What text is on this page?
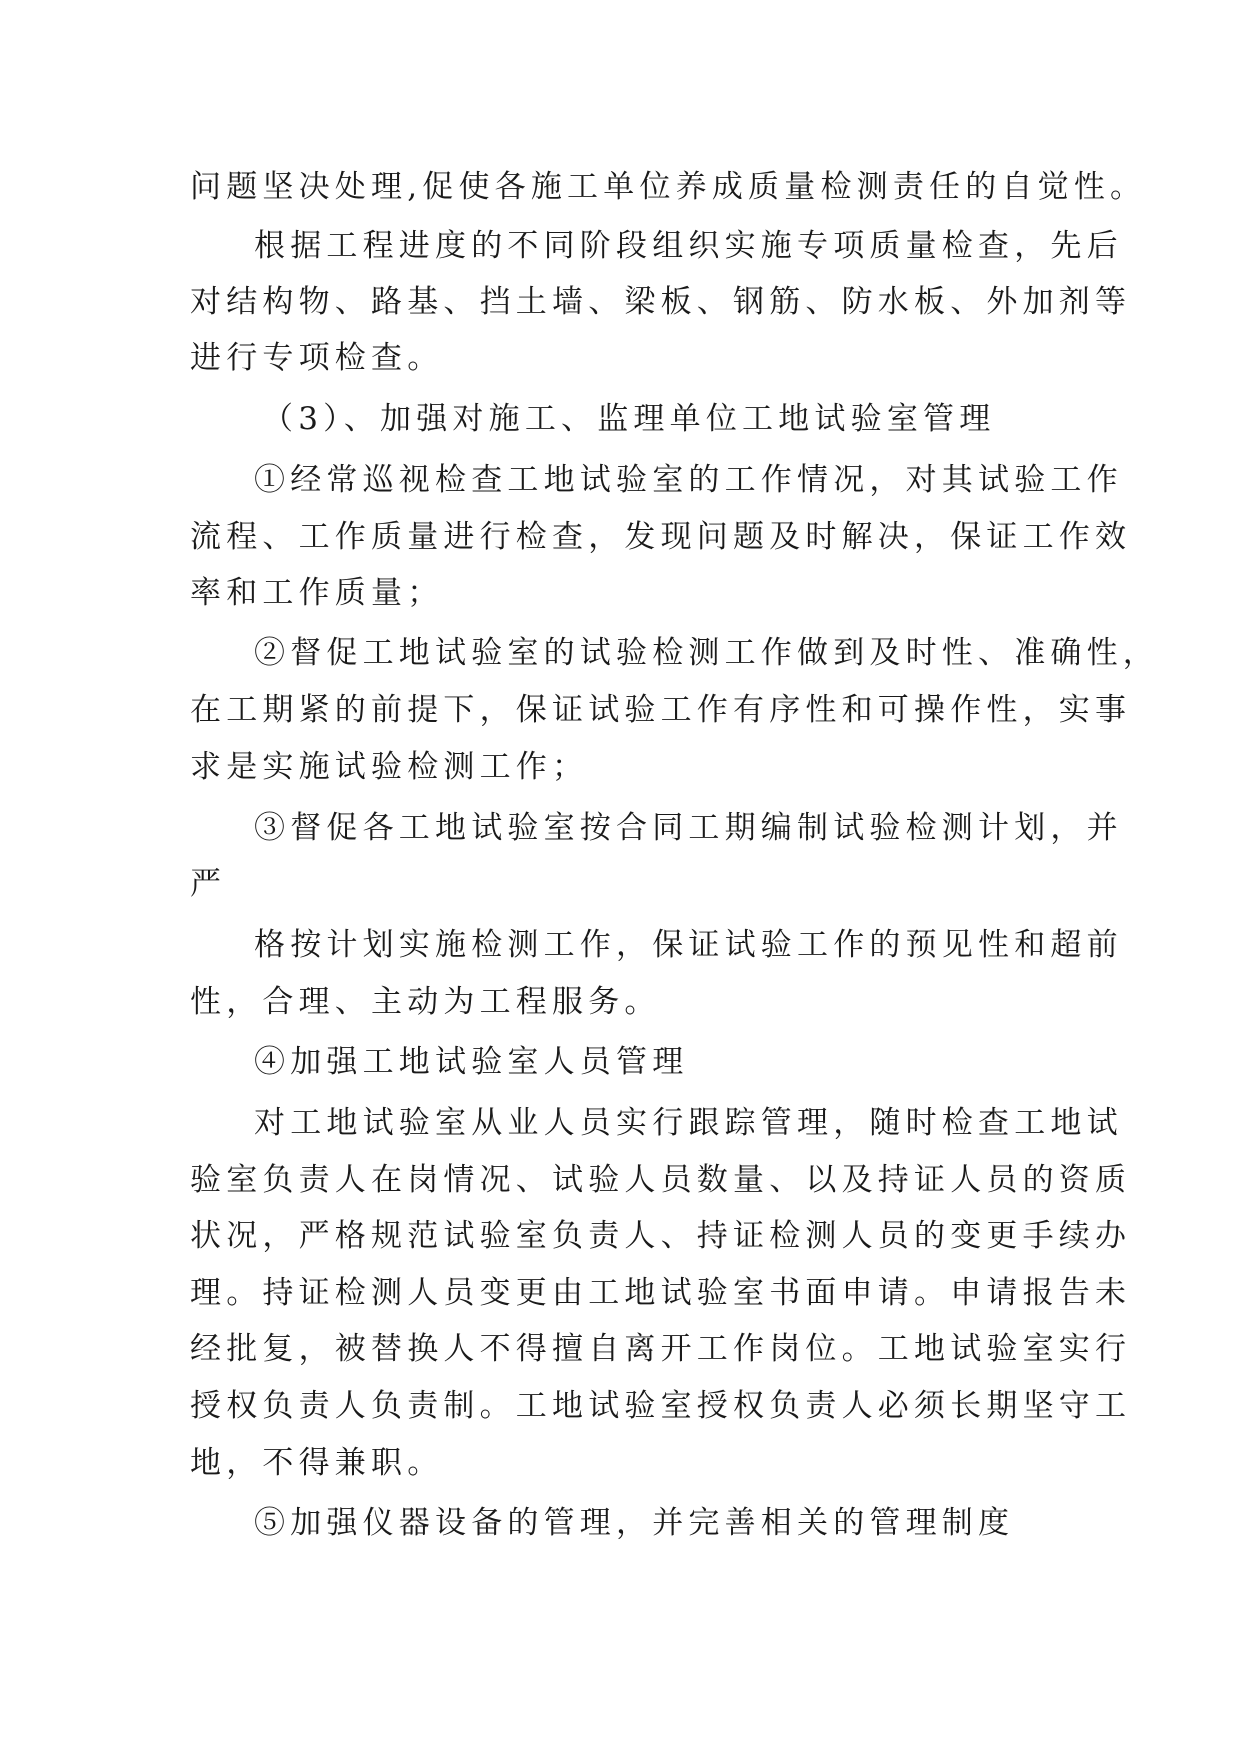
问题坚决处理,促使各施工单位养成质量检测责任的自觉性。
根据工程进度的不同阶段组织实施专项质量检查，先后
对结构物、路基、挡土墙、梁板、钢筋、防水板、外加剂等
进行专项检查。
（3）、加强对施工、监理单位工地试验室管理
①经常巡视检查工地试验室的工作情况，对其试验工作
流程、工作质量进行检查，发现问题及时解决，保证工作效
率和工作质量；
②督促工地试验室的试验检测工作做到及时性、准确性，
在工期紧的前提下，保证试验工作有序性和可操作性，实事
求是实施试验检测工作；
③督促各工地试验室按合同工期编制试验检测计划，并
严
格按计划实施检测工作，保证试验工作的预见性和超前
性，合理、主动为工程服务。
④加强工地试验室人员管理
对工地试验室从业人员实行跟踪管理，随时检查工地试
验室负责人在岗情况、试验人员数量、以及持证人员的资质
状况，严格规范试验室负责人、持证检测人员的变更手续办
理。持证检测人员变更由工地试验室书面申请。申请报告未
经批复，被替换人不得擅自离开工作岗位。工地试验室实行
授权负责人负责制。工地试验室授权负责人必须长期坚守工
地，不得兼职。
⑤加强仪器设备的管理，并完善相关的管理制度
